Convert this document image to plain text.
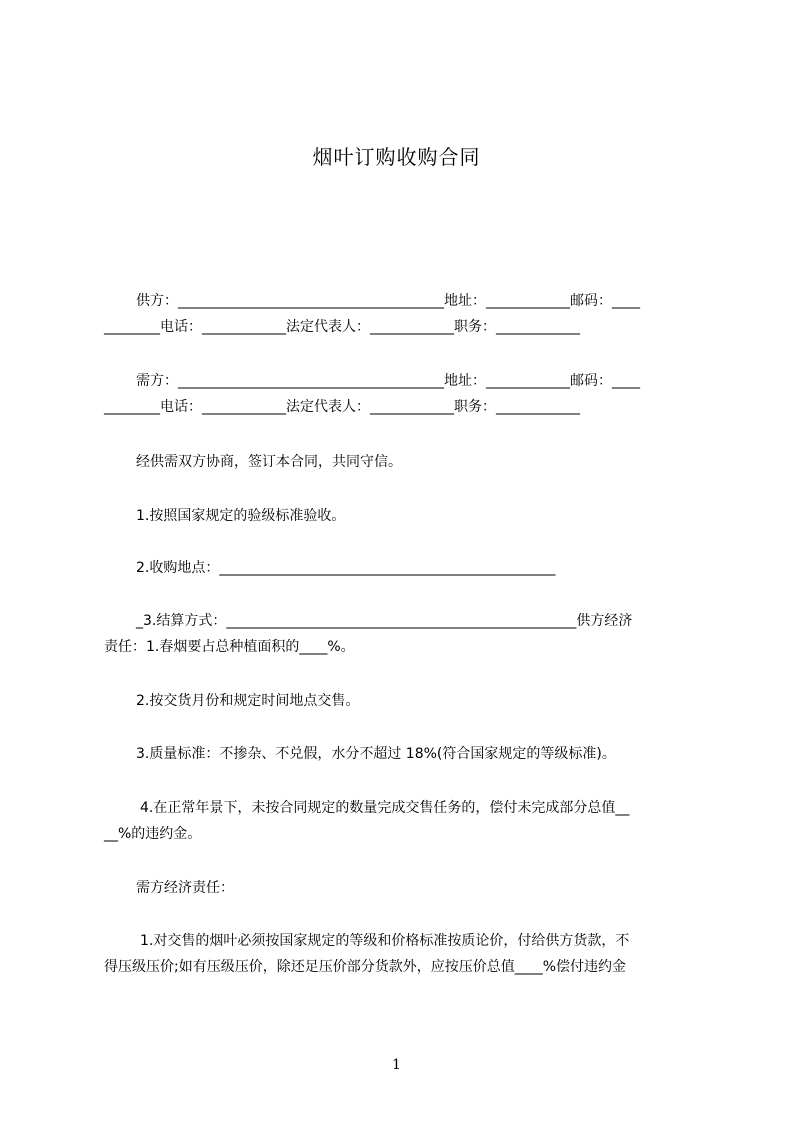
烟叶订购收购合同
供方：______________________________________地址：____________邮码：____
________电话：____________法定代表人：____________职务：____________
需方：______________________________________地址：____________邮码：____
________电话：____________法定代表人：____________职务：____________
经供需双方协商，签订本合同，共同守信。
1.按照国家规定的验级标准验收。
2.收购地点：________________________________________________
_3.结算方式：__________________________________________________供方经济
责任：1.春烟要占总种植面积的____%。
2.按交货月份和规定时间地点交售。
3.质量标准：不掺杂、不兑假，水分不超过 18%(符合国家规定的等级标准)。
4.在正常年景下，未按合同规定的数量完成交售任务的，偿付未完成部分总值__
__%的违约金。
需方经济责任：
1.对交售的烟叶必须按国家规定的等级和价格标准按质论价，付给供方货款，不
得压级压价;如有压级压价，除还足压价部分货款外，应按压价总值____%偿付违约金
1
